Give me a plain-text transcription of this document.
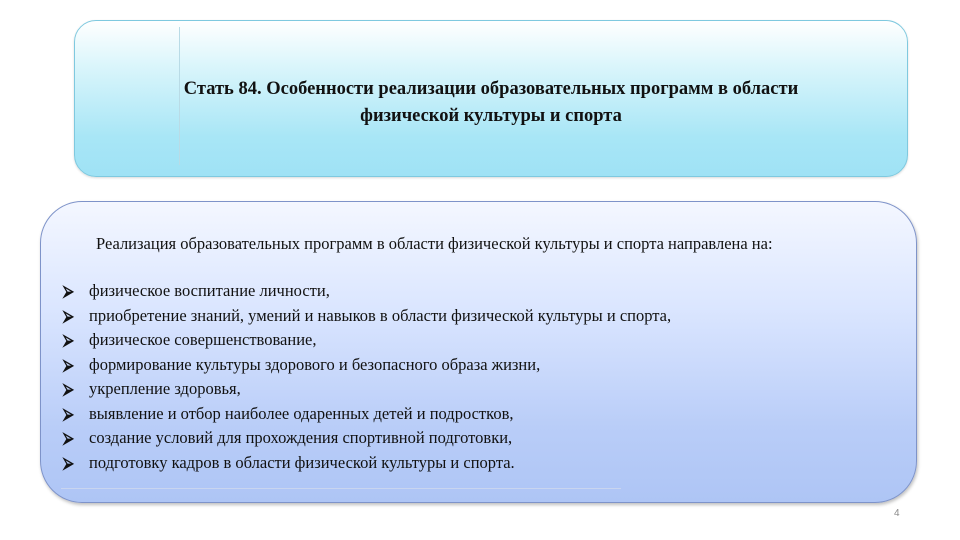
Стать 84. Особенности реализации образовательных программ в области
физической культуры и спорта

Реализация образовательных программ в области физической культуры и спорта направлена на:

⮚ физическое воспитание личности,
⮚ приобретение знаний, умений и навыков в области физической культуры и спорта,
⮚ физическое совершенствование,
⮚ формирование культуры здорового и безопасного образа жизни,
⮚ укрепление здоровья,
⮚ выявление и отбор наиболее одаренных детей и подростков,
⮚ создание условий для прохождения спортивной подготовки,
⮚ подготовку кадров в области физической культуры и спорта.
4
